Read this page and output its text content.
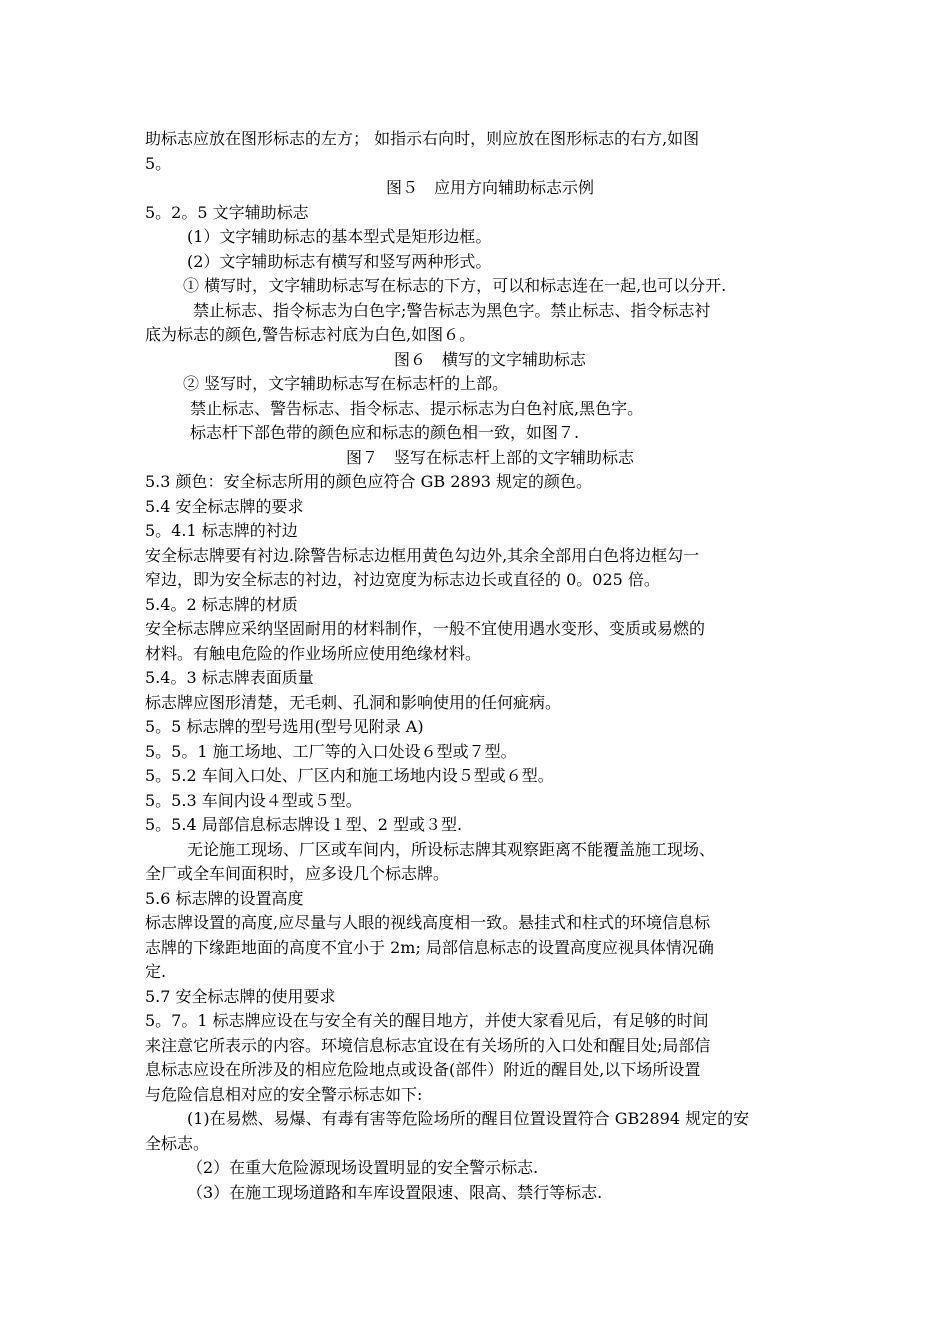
助标志应放在图形标志的左方； 如指示右向时，则应放在图形标志的右方,如图
5。
图５　应用方向辅助标志示例
5。2。5 文字辅助标志
(1）文字辅助标志的基本型式是矩形边框。
(2）文字辅助标志有横写和竖写两种形式。
① 横写时，文字辅助标志写在标志的下方，可以和标志连在一起,也可以分开.
禁止标志、指令标志为白色字;警告标志为黑色字。禁止标志、指令标志衬
底为标志的颜色,警告标志衬底为白色,如图６。
图６　横写的文字辅助标志
② 竖写时，文字辅助标志写在标志杆的上部。
禁止标志、警告标志、指令标志、提示标志为白色衬底,黑色字。
标志杆下部色带的颜色应和标志的颜色相一致，如图７.
图７　竖写在标志杆上部的文字辅助标志
5.3 颜色：安全标志所用的颜色应符合 GB 2893 规定的颜色。
5.4 安全标志牌的要求
5。4.1 标志牌的衬边
安全标志牌要有衬边.除警告标志边框用黄色勾边外,其余全部用白色将边框勾一
窄边，即为安全标志的衬边，衬边宽度为标志边长或直径的 0。025 倍。
5.4。2 标志牌的材质
安全标志牌应采纳坚固耐用的材料制作，一般不宜使用遇水变形、变质或易燃的
材料。有触电危险的作业场所应使用绝缘材料。
5.4。3 标志牌表面质量
标志牌应图形清楚，无毛刺、孔洞和影响使用的任何疵病。
5。5 标志牌的型号选用(型号见附录 A)
5。5。1 施工场地、工厂等的入口处设６型或７型。
5。5.2 车间入口处、厂区内和施工场地内设５型或６型。
5。5.3 车间内设４型或５型。
5。5.4 局部信息标志牌设１型、2 型或３型.
无论施工现场、厂区或车间内，所设标志牌其观察距离不能覆盖施工现场、
全厂或全车间面积时，应多设几个标志牌。
5.6 标志牌的设置高度
标志牌设置的高度,应尽量与人眼的视线高度相一致。悬挂式和柱式的环境信息标
志牌的下缘距地面的高度不宜小于 2m; 局部信息标志的设置高度应视具体情况确
定.
5.7 安全标志牌的使用要求
5。7。1 标志牌应设在与安全有关的醒目地方，并使大家看见后，有足够的时间
来注意它所表示的内容。环境信息标志宜设在有关场所的入口处和醒目处;局部信
息标志应设在所涉及的相应危险地点或设备(部件）附近的醒目处,以下场所设置
与危险信息相对应的安全警示标志如下:
(1)在易燃、易爆、有毒有害等危险场所的醒目位置设置符合 GB2894 规定的安
全标志。
（2）在重大危险源现场设置明显的安全警示标志.
（3）在施工现场道路和车库设置限速、限高、禁行等标志.
